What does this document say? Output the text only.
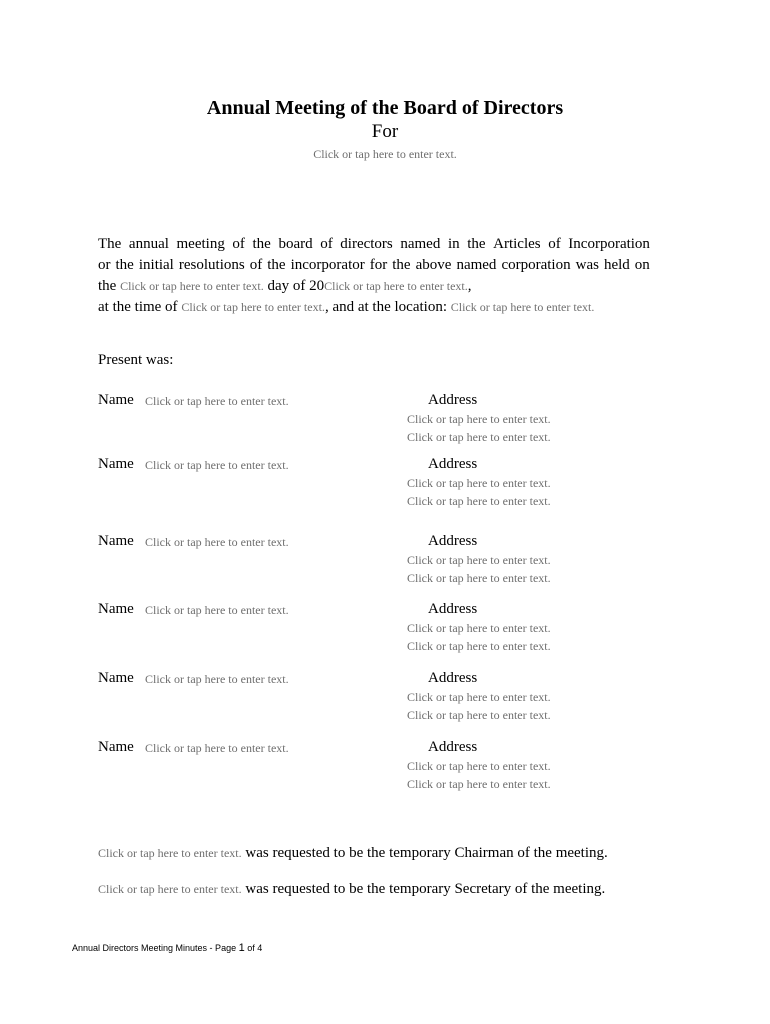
Annual Meeting of the Board of Directors
For
Click or tap here to enter text.
The annual meeting of the board of directors named in the Articles of Incorporation
or the initial resolutions of the incorporator for the above named corporation was held on
the Click or tap here to enter text. day of 20Click or tap here to enter text.,
at the time of Click or tap here to enter text., and at the location: Click or tap here to enter text.
Present was:
Name Click or tap here to enter text.	Address
Click or tap here to enter text.
Click or tap here to enter text.
Name Click or tap here to enter text.	Address
Click or tap here to enter text.
Click or tap here to enter text.
Name Click or tap here to enter text.	Address
Click or tap here to enter text.
Click or tap here to enter text.
Name Click or tap here to enter text.	Address
Click or tap here to enter text.
Click or tap here to enter text.
Name Click or tap here to enter text.	Address
Click or tap here to enter text.
Click or tap here to enter text.
Name Click or tap here to enter text.	Address
Click or tap here to enter text.
Click or tap here to enter text.
Click or tap here to enter text. was requested to be the temporary Chairman of the meeting.
Click or tap here to enter text. was requested to be the temporary Secretary of the meeting.
Annual Directors Meeting Minutes - Page 1 of 4
